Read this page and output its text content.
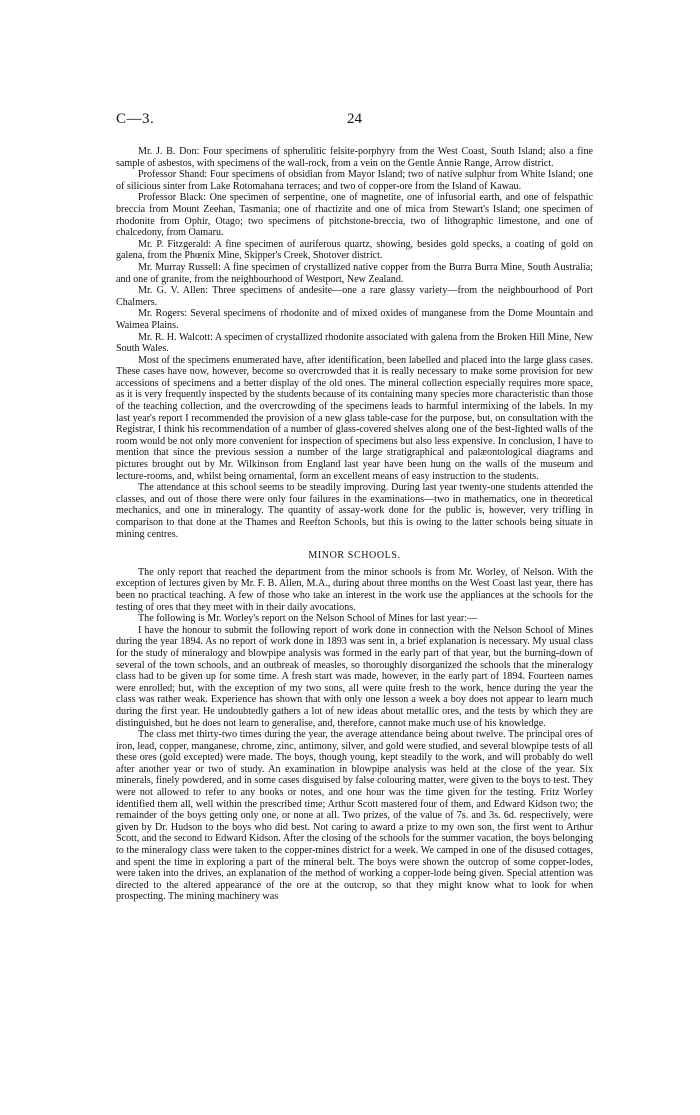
C—3.	24

Mr. J. B. Don: Four specimens of spherulitic felsite-porphyry from the West Coast, South Island; also a fine sample of asbestos, with specimens of the wall-rock, from a vein on the Gentle Annie Range, Arrow district.

Professor Shand: Four specimens of obsidian from Mayor Island; two of native sulphur from White Island; one of silicious sinter from Lake Rotomahana terraces; and two of copper-ore from the Island of Kawau.

Professor Black: One specimen of serpentine, one of magnetite, one of infusorial earth, and one of felspathic breccia from Mount Zeehan, Tasmania; one of rhactizite and one of mica from Stewart's Island; one specimen of rhodonite from Ophir, Otago; two specimens of pitchstone-breccia, two of lithographic limestone, and one of chalcedony, from Oamaru.

Mr. P. Fitzgerald: A fine specimen of auriferous quartz, showing, besides gold specks, a coating of gold on galena, from the Phœnix Mine, Skipper's Creek, Shotover district.

Mr. Murray Russell: A fine specimen of crystallized native copper from the Burra Burra Mine, South Australia; and one of granite, from the neighbourhood of Westport, New Zealand.

Mr. G. V. Allen: Three specimens of andesite—one a rare glassy variety—from the neighbourhood of Port Chalmers.

Mr. Rogers: Several specimens of rhodonite and of mixed oxides of manganese from the Dome Mountain and Waimea Plains.

Mr. R. H. Walcott: A specimen of crystallized rhodonite associated with galena from the Broken Hill Mine, New South Wales.

Most of the specimens enumerated have, after identification, been labelled and placed into the large glass cases. These cases have now, however, become so overcrowded that it is really necessary to make some provision for new accessions of specimens and a better display of the old ones. The mineral collection especially requires more space, as it is very frequently inspected by the students because of its containing many species more characteristic than those of the teaching collection, and the overcrowding of the specimens leads to harmful intermixing of the labels. In my last year's report I recommended the provision of a new glass table-case for the purpose, but, on consultation with the Registrar, I think his recommendation of a number of glass-covered shelves along one of the best-lighted walls of the room would be not only more convenient for inspection of specimens but also less expensive. In conclusion, I have to mention that since the previous session a number of the large stratigraphical and palæontological diagrams and pictures brought out by Mr. Wilkinson from England last year have been hung on the walls of the museum and lecture-rooms, and, whilst being ornamental, form an excellent means of easy instruction to the students.

The attendance at this school seems to be steadily improving. During last year twenty-one students attended the classes, and out of those there were only four failures in the examinations—two in mathematics, one in theoretical mechanics, and one in mineralogy. The quantity of assay-work done for the public is, however, very trifling in comparison to that done at the Thames and Reefton Schools, but this is owing to the latter schools being situate in mining centres.

MINOR SCHOOLS.

The only report that reached the department from the minor schools is from Mr. Worley, of Nelson. With the exception of lectures given by Mr. F. B. Allen, M.A., during about three months on the West Coast last year, there has been no practical teaching. A few of those who take an interest in the work use the appliances at the schools for the testing of ores that they meet with in their daily avocations.

The following is Mr. Worley's report on the Nelson School of Mines for last year:—

I have the honour to submit the following report of work done in connection with the Nelson School of Mines during the year 1894. As no report of work done in 1893 was sent in, a brief explanation is necessary. My usual class for the study of mineralogy and blowpipe analysis was formed in the early part of that year, but the burning-down of several of the town schools, and an outbreak of measles, so thoroughly disorganized the schools that the mineralogy class had to be given up for some time. A fresh start was made, however, in the early part of 1894. Fourteen names were enrolled; but, with the exception of my two sons, all were quite fresh to the work, hence during the year the class was rather weak. Experience has shown that with only one lesson a week a boy does not appear to learn much during the first year. He undoubtedly gathers a lot of new ideas about metallic ores, and the tests by which they are distinguished, but he does not learn to generalise, and, therefore, cannot make much use of his knowledge.

The class met thirty-two times during the year, the average attendance being about twelve. The principal ores of iron, lead, copper, manganese, chrome, zinc, antimony, silver, and gold were studied, and several blowpipe tests of all these ores (gold excepted) were made. The boys, though young, kept steadily to the work, and will probably do well after another year or two of study. An examination in blowpipe analysis was held at the close of the year. Six minerals, finely powdered, and in some cases disguised by false colouring matter, were given to the boys to test. They were not allowed to refer to any books or notes, and one hour was the time given for the testing. Fritz Worley identified them all, well within the prescribed time; Arthur Scott mastered four of them, and Edward Kidson two; the remainder of the boys getting only one, or none at all. Two prizes, of the value of 7s. and 3s. 6d. respectively, were given by Dr. Hudson to the boys who did best. Not caring to award a prize to my own son, the first went to Arthur Scott, and the second to Edward Kidson. After the closing of the schools for the summer vacation, the boys belonging to the mineralogy class were taken to the copper-mines district for a week. We camped in one of the disused cottages, and spent the time in exploring a part of the mineral belt. The boys were shown the outcrop of some copper-lodes, were taken into the drives, an explanation of the method of working a copper-lode being given. Special attention was directed to the altered appearance of the ore at the outcrop, so that they might know what to look for when prospecting. The mining machinery was
